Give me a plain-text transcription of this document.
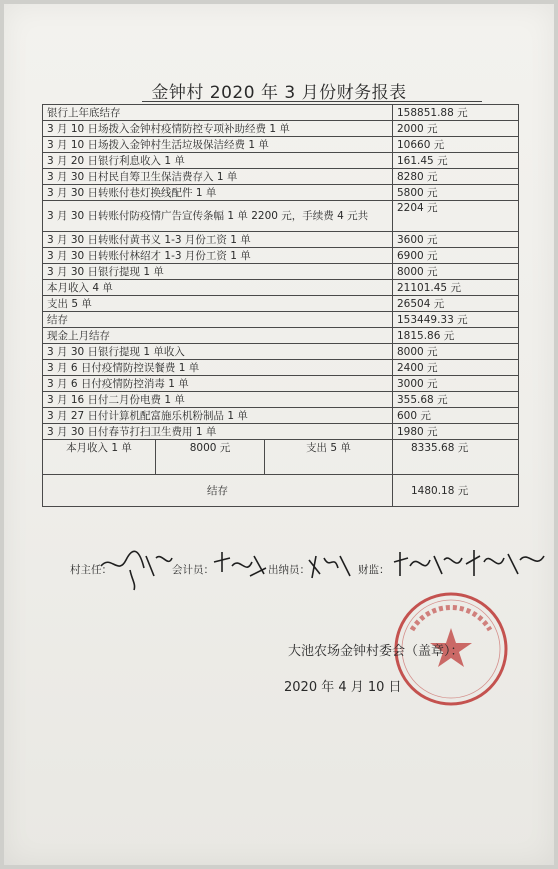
金钟村 2020 年 3 月份财务报表
银行上年底结存	158851.88 元
3 月 10 日场拨入金钟村疫情防控专项补助经费 1 单	2000 元
3 月 10 日场拨入金钟村生活垃圾保洁经费 1 单	10660 元
3 月 20 日银行利息收入 1 单	161.45 元
3 月 30 日村民自筹卫生保洁费存入 1 单	8280 元
3 月 30 日转账付巷灯换线配件 1 单	5800 元
3 月 30 日转账付防疫情广告宣传条幅 1 单 2200 元，手续费 4 元共	2204 元
3 月 30 日转账付黄书义 1-3 月份工资 1 单	3600 元
3 月 30 日转账付林绍才 1-3 月份工资 1 单	6900 元
3 月 30 日银行提现 1 单	8000 元
本月收入 4 单	21101.45 元
支出 5 单	26504 元
结存	153449.33 元
现金上月结存	1815.86 元
3 月 30 日银行提现 1 单收入	8000 元
3 月 6 日付疫情防控误餐费 1 单	2400 元
3 月 6 日付疫情防控消毒 1 单	3000 元
3 月 16 日付二月份电费 1 单	355.68 元
3 月 27 日付计算机配富施乐机粉制品 1 单	600 元
3 月 30 日付春节打扫卫生费用 1 单	1980 元

本月收入 1 单 8000 元 支出 5 单	8335.68 元
结存	1480.18 元
村主任：	会计员：	出纳员：	财监：
大池农场金钟村委会（盖章）：
2020 年 4 月 10 日
